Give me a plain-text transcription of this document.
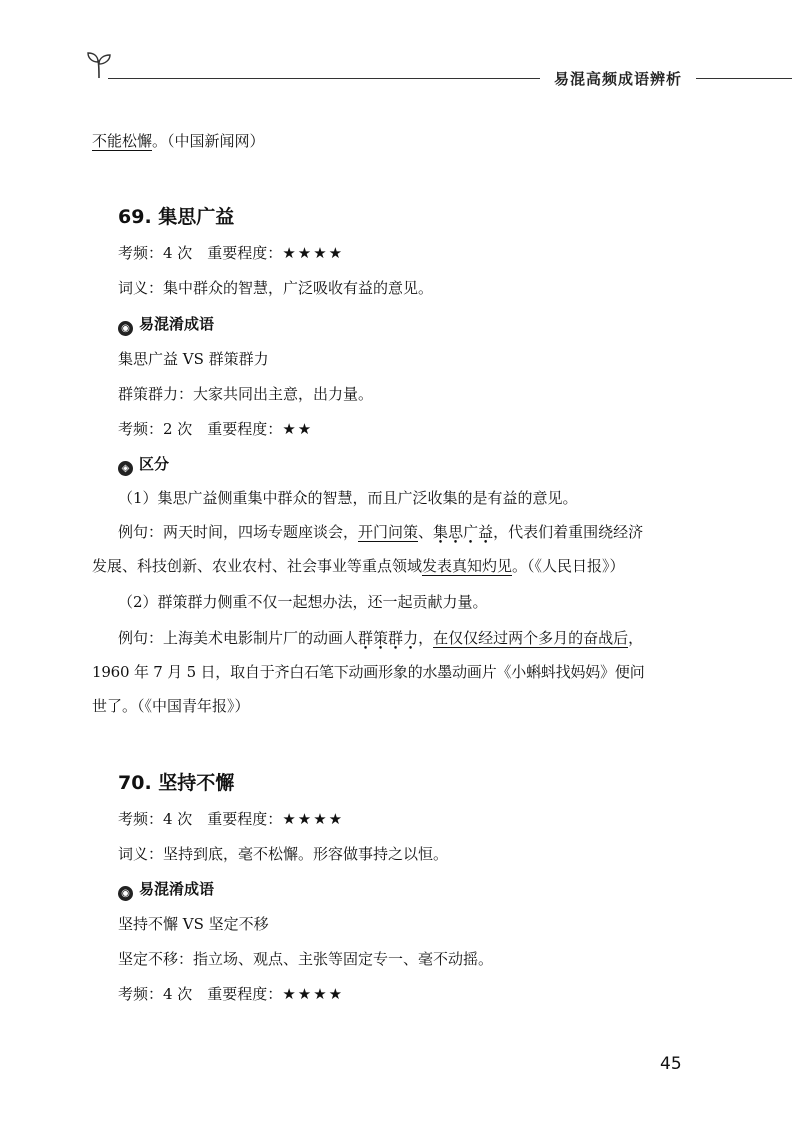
易混高频成语辨析
不能松懈。（中国新闻网）
69. 集思广益
考频：4 次　重要程度：★★★★
词义：集中群众的智慧，广泛吸收有益的意见。
◉ 易混淆成语
集思广益 VS 群策群力
群策群力：大家共同出主意，出力量。
考频：2 次　重要程度：★★
◈ 区分
（1）集思广益侧重集中群众的智慧，而且广泛收集的是有益的意见。
例句：两天时间，四场专题座谈会，开门问策、集思广益，代表们着重围绕经济
发展、科技创新、农业农村、社会事业等重点领域发表真知灼见。（《人民日报》）
（2）群策群力侧重不仅一起想办法，还一起贡献力量。
例句：上海美术电影制片厂的动画人群策群力，在仅仅经过两个多月的奋战后，
1960 年 7 月 5 日，取自于齐白石笔下动画形象的水墨动画片《小蝌蚪找妈妈》便问
世了。（《中国青年报》）
70. 坚持不懈
考频：4 次　重要程度：★★★★
词义：坚持到底，毫不松懈。形容做事持之以恒。
◉ 易混淆成语
坚持不懈 VS 坚定不移
坚定不移：指立场、观点、主张等固定专一、毫不动摇。
考频：4 次　重要程度：★★★★
45
